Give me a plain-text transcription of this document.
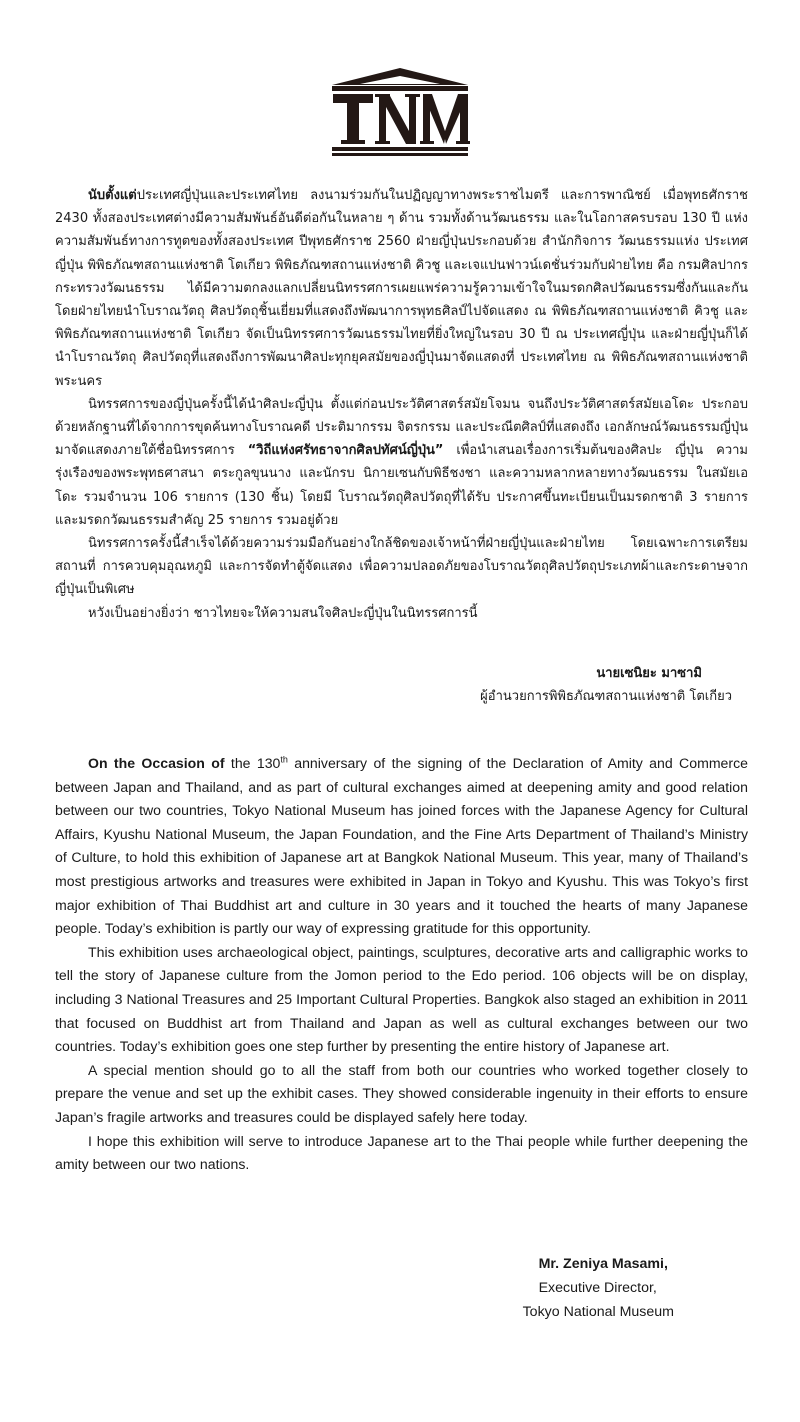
นับตั้งแต่ประเทศญี่ปุ่นและประเทศไทย ลงนามร่วมกันในปฏิญญาทางพระราชไมตรี และการพาณิชย์ เมื่อพุทธศักราช 2430 ทั้งสองประเทศต่างมีความสัมพันธ์อันดีต่อกันในหลาย ๆ ด้าน รวมทั้งด้านวัฒนธรรม และในโอกาสครบรอบ 130 ปี แห่งความสัมพันธ์ทางการทูตของทั้งสองประเทศ ปีพุทธศักราช 2560 ฝ่ายญี่ปุ่นประกอบด้วย สำนักกิจการ วัฒนธรรมแห่ง ประเทศญี่ปุ่น พิพิธภัณฑสถานแห่งชาติ โตเกียว พิพิธภัณฑสถานแห่งชาติ คิวชู และเจแปนฟาวน์เดชั่นร่วมกับฝ่ายไทย คือ กรมศิลปากร กระทรวงวัฒนธรรม ได้มีความตกลงแลกเปลี่ยนนิทรรศการเผยแพร่ความรู้ความเข้าใจในมรดกศิลปวัฒนธรรมซึ่งกันและกัน โดยฝ่ายไทยนำโบราณวัตถุ ศิลปวัตถุชิ้นเยี่ยมที่แสดงถึงพัฒนาการพุทธศิลป์ไปจัดแสดง ณ พิพิธภัณฑสถานแห่งชาติ คิวชู และพิพิธภัณฑสถานแห่งชาติ โตเกียว จัดเป็นนิทรรศการวัฒนธรรมไทยที่ยิ่งใหญ่ในรอบ 30 ปี ณ ประเทศญี่ปุ่น และฝ่ายญี่ปุ่นก็ได้นำโบราณวัตถุ ศิลปวัตถุที่แสดงถึงการพัฒนาศิลปะทุกยุคสมัยของญี่ปุ่นมาจัดแสดงที่ ประเทศไทย ณ พิพิธภัณฑสถานแห่งชาติ พระนคร

นิทรรศการของญี่ปุ่นครั้งนี้ได้นำศิลปะญี่ปุ่น ตั้งแต่ก่อนประวัติศาสตร์สมัยโจมน จนถึงประวัติศาสตร์สมัยเอโดะ ประกอบด้วยหลักฐานที่ได้จากการขุดค้นทางโบราณคดี ประติมากรรม จิตรกรรม และประณีตศิลป์ที่แสดงถึง เอกลักษณ์วัฒนธรรมญี่ปุ่น มาจัดแสดงภายใต้ชื่อนิทรรศการ “วิถีแห่งศรัทธาจากศิลปทัศน์ญี่ปุ่น” เพื่อนำเสนอเรื่องการเริ่มต้นของศิลปะ ญี่ปุ่น ความรุ่งเรืองของพระพุทธศาสนา ตระกูลขุนนาง และนักรบ นิกายเซนกับพิธีชงชา และความหลากหลายทางวัฒนธรรม ในสมัยเอโดะ รวมจำนวน 106 รายการ (130 ชิ้น) โดยมี โบราณวัตถุศิลปวัตถุที่ได้รับ ประกาศขึ้นทะเบียนเป็นมรดกชาติ 3 รายการ และมรดกวัฒนธรรมสำคัญ 25 รายการ รวมอยู่ด้วย

นิทรรศการครั้งนี้สำเร็จได้ด้วยความร่วมมือกันอย่างใกล้ชิดของเจ้าหน้าที่ฝ่ายญี่ปุ่นและฝ่ายไทย โดยเฉพาะการเตรียม สถานที่ การควบคุมอุณหภูมิ และการจัดทำตู้จัดแสดง เพื่อความปลอดภัยของโบราณวัตถุศิลปวัตถุประเภทผ้าและกระดาษจากญี่ปุ่นเป็นพิเศษ

หวังเป็นอย่างยิ่งว่า ชาวไทยจะให้ความสนใจศิลปะญี่ปุ่นในนิทรรศการนี้

นายเซนิยะ มาซามิ
ผู้อำนวยการพิพิธภัณฑสถานแห่งชาติ โตเกียว

On the Occasion of the 130th anniversary of the signing of the Declaration of Amity and Commerce between Japan and Thailand, and as part of cultural exchanges aimed at deepening amity and good relation between our two countries, Tokyo National Museum has joined forces with the Japanese Agency for Cultural Affairs, Kyushu National Museum, the Japan Foundation, and the Fine Arts Department of Thailand’s Ministry of Culture, to hold this exhibition of Japanese art at Bangkok National Museum. This year, many of Thailand’s most prestigious artworks and treasures were exhibited in Japan in Tokyo and Kyushu. This was Tokyo’s first major exhibition of Thai Buddhist art and culture in 30 years and it touched the hearts of many Japanese people. Today’s exhibition is partly our way of expressing gratitude for this opportunity.

This exhibition uses archaeological object, paintings, sculptures, decorative arts and calligraphic works to tell the story of Japanese culture from the Jomon period to the Edo period. 106 objects will be on display, including 3 National Treasures and 25 Important Cultural Properties. Bangkok also staged an exhibition in 2011 that focused on Buddhist art from Thailand and Japan as well as cultural exchanges between our two countries. Today’s exhibition goes one step further by presenting the entire history of Japanese art.

A special mention should go to all the staff from both our countries who worked together closely to prepare the venue and set up the exhibit cases. They showed considerable ingenuity in their efforts to ensure Japan’s fragile artworks and treasures could be displayed safely here today.

I hope this exhibition will serve to introduce Japanese art to the Thai people while further deepening the amity between our two nations.

Mr. Zeniya Masami,
Executive Director,
Tokyo National Museum
